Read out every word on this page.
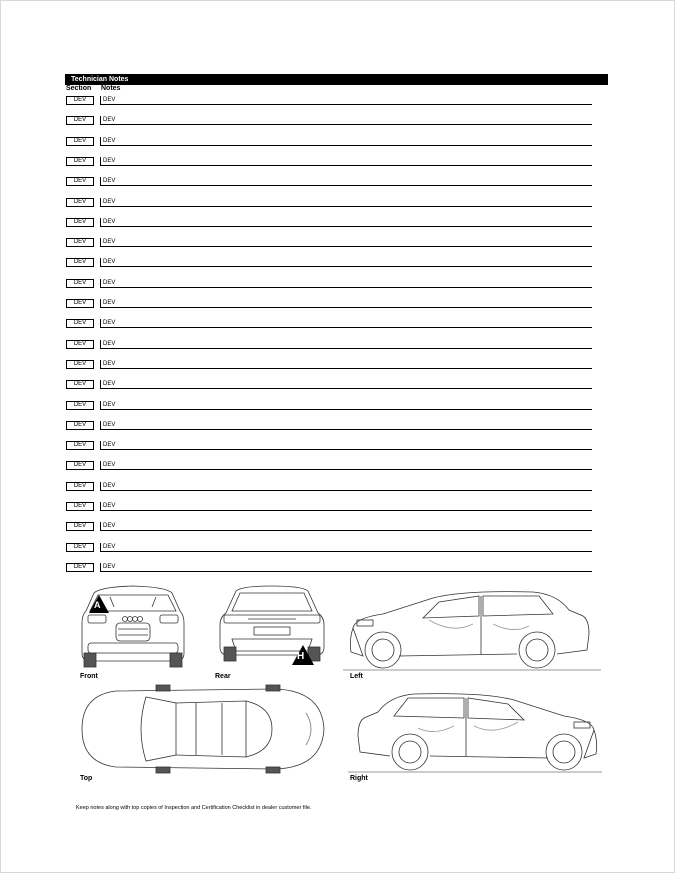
Technician Notes
Section Notes
DEV	DEV
DEV	DEV
DEV	DEV
DEV	DEV
DEV	DEV
DEV	DEV
DEV	DEV
DEV	DEV
DEV	DEV
DEV	DEV
DEV	DEV
DEV	DEV
DEV	DEV
DEV	DEV
DEV	DEV
DEV	DEV
DEV	DEV
DEV	DEV
DEV	DEV
DEV	DEV
DEV	DEV
DEV	DEV
DEV	DEV
DEV	DEV
A
Front
H
Rear	Left
Top	Right
Keep notes along with top copies of Inspection and Certification Checklist in dealer customer file.
